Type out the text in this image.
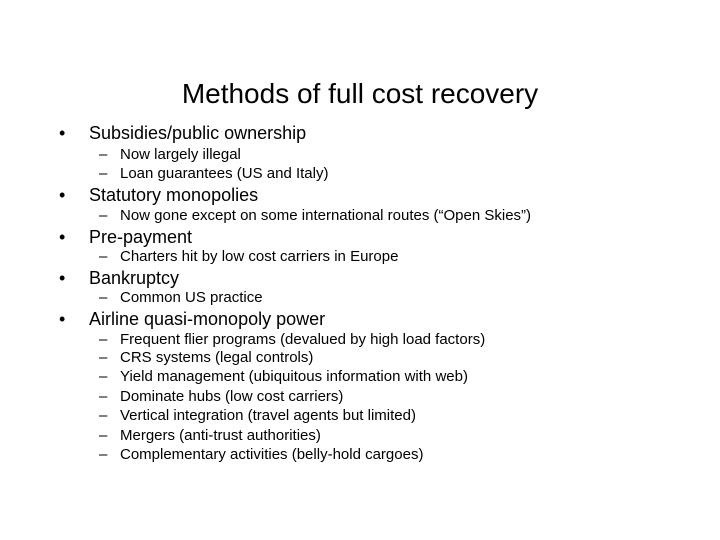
Methods of full cost recovery
•	Subsidies/public ownership
– Now largely illegal
– Loan guarantees (US and Italy)
•	Statutory monopolies
– Now gone except on some international routes (“Open Skies”)
•	Pre-payment
– Charters hit by low cost carriers in Europe
•	Bankruptcy
– Common US practice
•	Airline quasi-monopoly power
– Frequent flier programs (devalued by high load factors)
– CRS systems (legal controls)
– Yield management (ubiquitous information with web)
– Dominate hubs (low cost carriers)
– Vertical integration (travel agents but limited)
– Mergers (anti-trust authorities)
– Complementary activities (belly-hold cargoes)
